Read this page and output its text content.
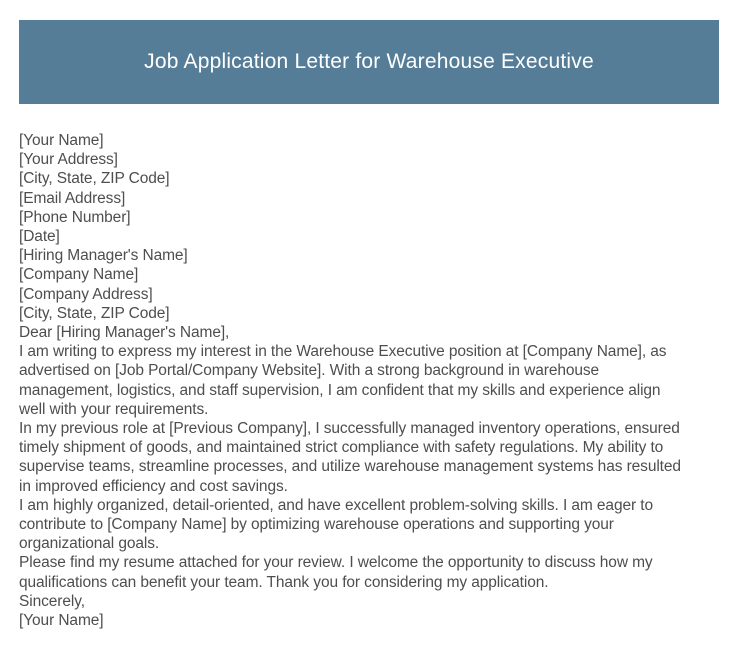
Job Application Letter for Warehouse Executive
[Your Name]
[Your Address]
[City, State, ZIP Code]
[Email Address]
[Phone Number]
[Date]
[Hiring Manager's Name]
[Company Name]
[Company Address]
[City, State, ZIP Code]
Dear [Hiring Manager's Name],
I am writing to express my interest in the Warehouse Executive position at [Company Name], as
advertised on [Job Portal/Company Website]. With a strong background in warehouse
management, logistics, and staff supervision, I am confident that my skills and experience align
well with your requirements.
In my previous role at [Previous Company], I successfully managed inventory operations, ensured
timely shipment of goods, and maintained strict compliance with safety regulations. My ability to
supervise teams, streamline processes, and utilize warehouse management systems has resulted
in improved efficiency and cost savings.
I am highly organized, detail-oriented, and have excellent problem-solving skills. I am eager to
contribute to [Company Name] by optimizing warehouse operations and supporting your
organizational goals.
Please find my resume attached for your review. I welcome the opportunity to discuss how my
qualifications can benefit your team. Thank you for considering my application.
Sincerely,
[Your Name]
